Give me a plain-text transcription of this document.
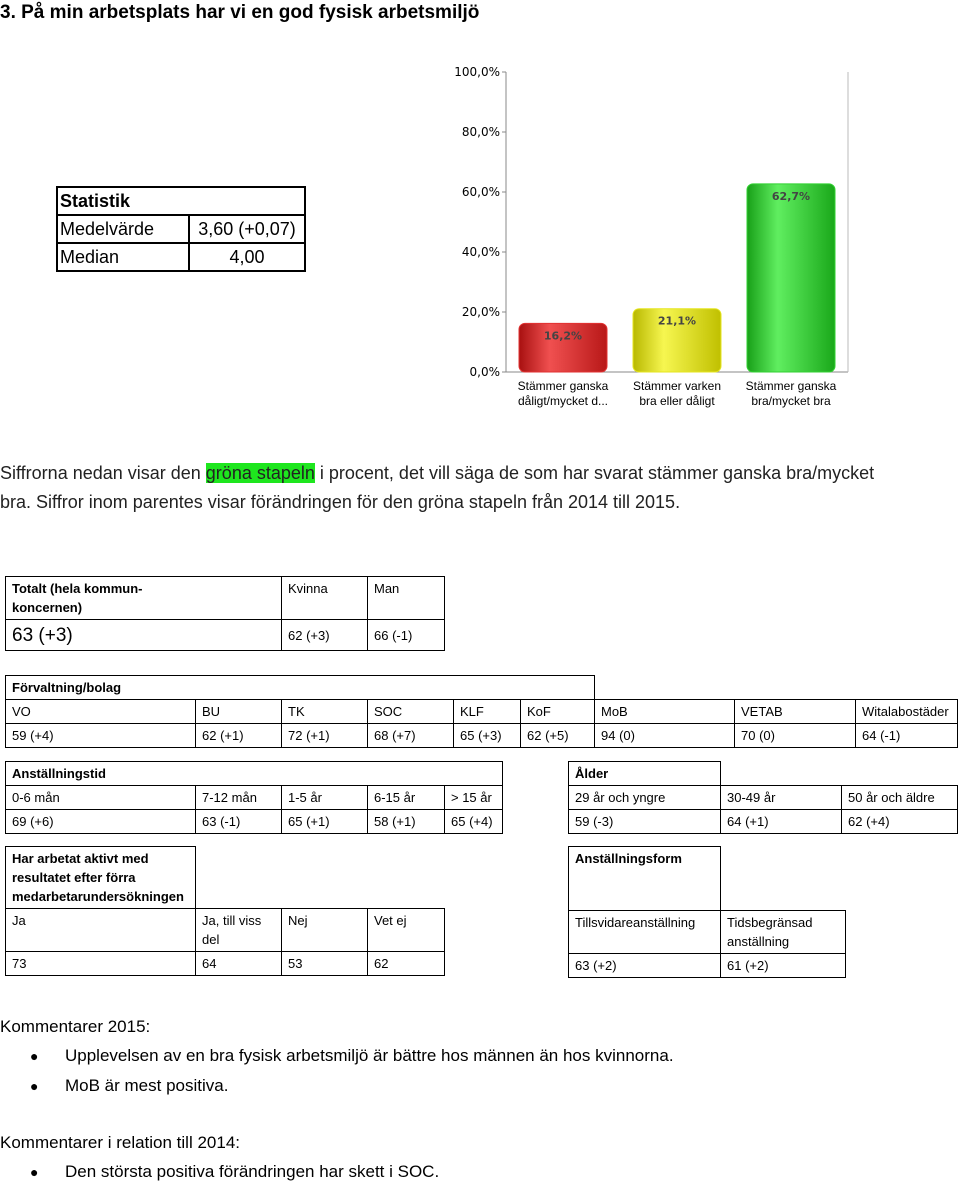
3. På min arbetsplats har vi en god fysisk arbetsmiljö
Statistik	
Medelvärde	3,60 (+0,07)
Median	4,00
0,0%
20,0%
40,0%
60,0%
80,0%
100,0%
16,2%
Stämmer ganska
dåligt/mycket d...
21,1%
Stämmer varken
bra eller dåligt
62,7%
Stämmer ganska
bra/mycket bra
Siffrorna nedan visar den gröna stapeln i procent, det vill säga de som har svarat stämmer ganska bra/mycket
bra. Siffror inom parentes visar förändringen för den gröna stapeln från 2014 till 2015.
Totalt (hela kommun-
koncernen)	Kvinna	Man
63 (+3)	62 (+3)	66 (-1)
Förvaltning/bolag								
VO	BU	TK	SOC	KLF	KoF	MoB	VETAB	Witalabostäder
59 (+4)	62 (+1)	72 (+1)	68 (+7)	65 (+3)	62 (+5)	94 (0)	70 (0)	64 (-1)
Anställningstid				
0-6 mån	7-12 mån	1-5 år	6-15 år	> 15 år
69 (+6)	63 (-1)	65 (+1)	58 (+1)	65 (+4)
Ålder		
29 år och yngre	30-49 år	50 år och äldre
59 (-3)	64 (+1)	62 (+4)
Har arbetat aktivt med
resultatet efter förra
medarbetarundersökningen			

Ja	Ja, till viss del	Nej	Vet ej
73	64	53	62
Anställningsform	
Tillsvidareanställning	Tidsbegränsad anställning
63 (+2)	61 (+2)
Kommentarer 2015:
● Upplevelsen av en bra fysisk arbetsmiljö är bättre hos männen än hos kvinnorna.
● MoB är mest positiva.
Kommentarer i relation till 2014:
● Den största positiva förändringen har skett i SOC.
